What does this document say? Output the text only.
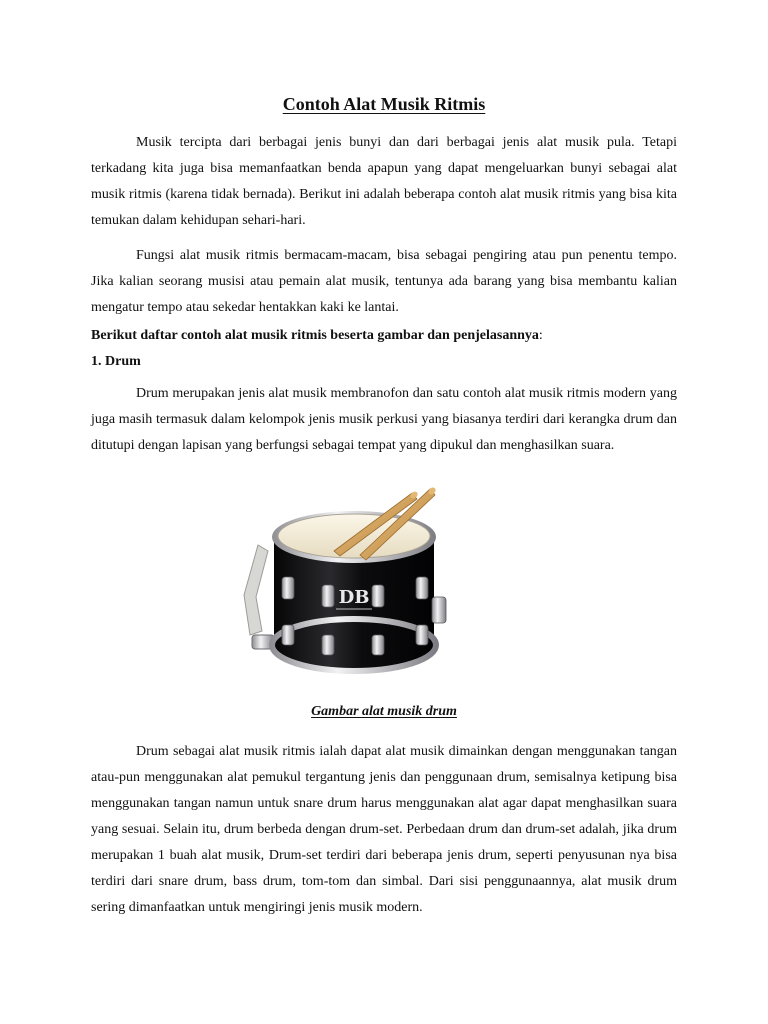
Contoh Alat Musik Ritmis

Musik tercipta dari berbagai jenis bunyi dan dari berbagai jenis alat musik pula. Tetapi terkadang kita juga bisa memanfaatkan benda apapun yang dapat mengeluarkan bunyi sebagai alat musik ritmis (karena tidak bernada). Berikut ini adalah beberapa contoh alat musik ritmis yang bisa kita temukan dalam kehidupan sehari-hari.

Fungsi alat musik ritmis bermacam-macam, bisa sebagai pengiring atau pun penentu tempo. Jika kalian seorang musisi atau pemain alat musik, tentunya ada barang yang bisa membantu kalian mengatur tempo atau sekedar hentakkan kaki ke lantai.

Berikut daftar contoh alat musik ritmis beserta gambar dan penjelasannya:

1. Drum

Drum merupakan jenis alat musik membranofon dan satu contoh alat musik ritmis modern yang juga masih termasuk dalam kelompok jenis musik perkusi yang biasanya terdiri dari kerangka drum dan ditutupi dengan lapisan yang berfungsi sebagai tempat yang dipukul dan menghasilkan suara.

DB

Gambar alat musik drum

Drum sebagai alat musik ritmis ialah dapat alat musik dimainkan dengan menggunakan tangan atau-pun menggunakan alat pemukul tergantung jenis dan penggunaan drum, semisalnya ketipung bisa menggunakan tangan namun untuk snare drum harus menggunakan alat agar dapat menghasilkan suara yang sesuai. Selain itu, drum berbeda dengan drum-set. Perbedaan drum dan drum-set adalah, jika drum merupakan 1 buah alat musik, Drum-set terdiri dari beberapa jenis drum, seperti penyusunan nya bisa terdiri dari snare drum, bass drum, tom-tom dan simbal. Dari sisi penggunaannya, alat musik drum sering dimanfaatkan untuk mengiringi jenis musik modern.
